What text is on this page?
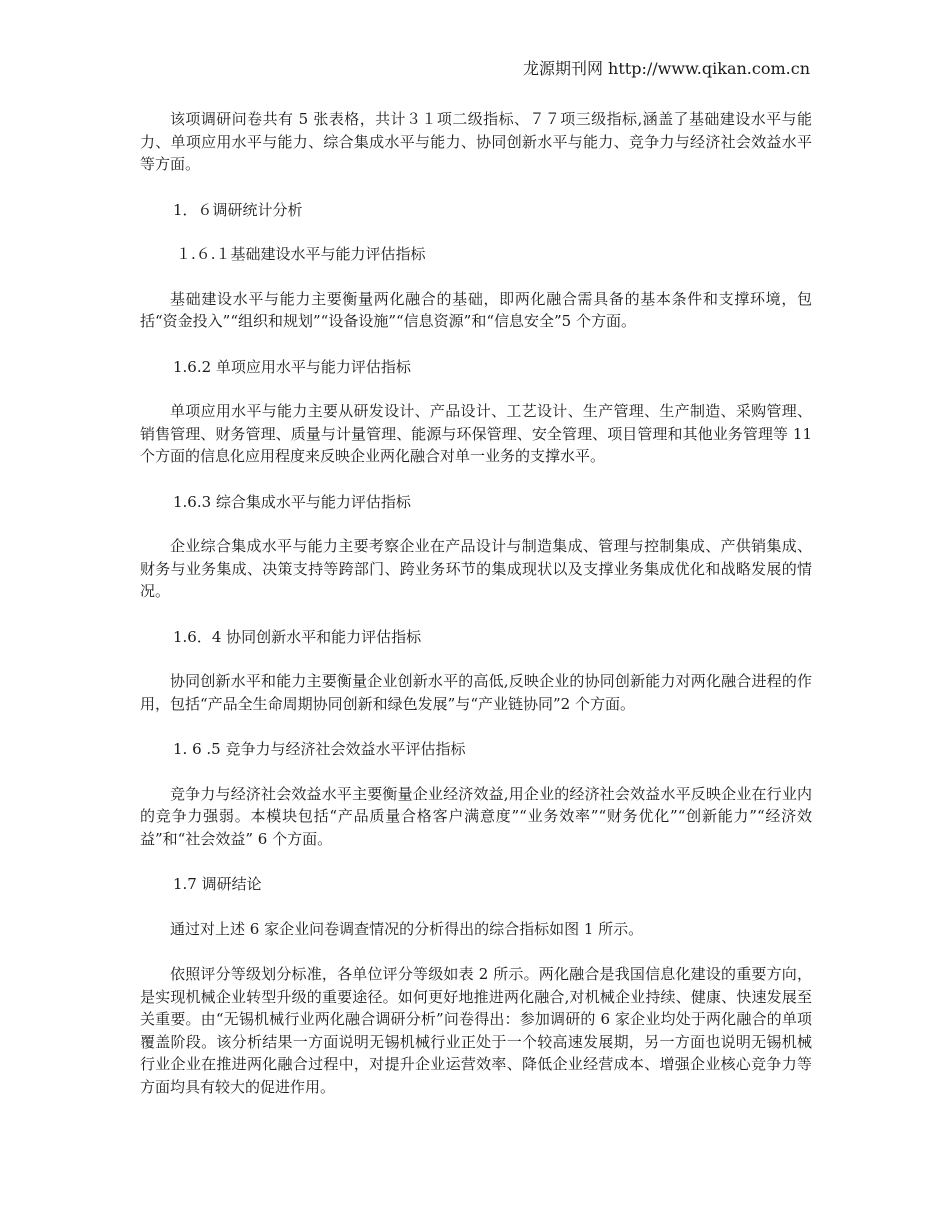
龙源期刊网 http://www.qikan.com.cn
该项调研问卷共有 5 张表格，共计３１项二级指标、７７项三级指标,涵盖了基础建设水平与能力、单项应用水平与能力、综合集成水平与能力、协同创新水平与能力、竞争力与经济社会效益水平等方面。
1．６调研统计分析
１.６.１基础建设水平与能力评估指标
基础建设水平与能力主要衡量两化融合的基础，即两化融合需具备的基本条件和支撑环境，包括“资金投入”“组织和规划”“设备设施”“信息资源”和“信息安全”5 个方面。
1.6.2 单项应用水平与能力评估指标
单项应用水平与能力主要从研发设计、产品设计、工艺设计、生产管理、生产制造、采购管理、销售管理、财务管理、质量与计量管理、能源与环保管理、安全管理、项目管理和其他业务管理等 11 个方面的信息化应用程度来反映企业两化融合对单一业务的支撑水平。
1.6.3 综合集成水平与能力评估指标
企业综合集成水平与能力主要考察企业在产品设计与制造集成、管理与控制集成、产供销集成、财务与业务集成、决策支持等跨部门、跨业务环节的集成现状以及支撑业务集成优化和战略发展的情况。
1.6．4 协同创新水平和能力评估指标
协同创新水平和能力主要衡量企业创新水平的高低,反映企业的协同创新能力对两化融合进程的作用，包括“产品全生命周期协同创新和绿色发展”与“产业链协同”2 个方面。
1. 6 .5 竞争力与经济社会效益水平评估指标
竞争力与经济社会效益水平主要衡量企业经济效益,用企业的经济社会效益水平反映企业在行业内的竞争力强弱。本模块包括“产品质量合格客户满意度”“业务效率”“财务优化”“创新能力”“经济效益”和“社会效益” 6 个方面。
1.7 调研结论
通过对上述 6 家企业问卷调查情况的分析得出的综合指标如图 1 所示。
依照评分等级划分标准，各单位评分等级如表 2 所示。两化融合是我国信息化建设的重要方向，是实现机械企业转型升级的重要途径。如何更好地推进两化融合,对机械企业持续、健康、快速发展至关重要。由“无锡机械行业两化融合调研分析”问卷得出：参加调研的 6 家企业均处于两化融合的单项覆盖阶段。该分析结果一方面说明无锡机械行业正处于一个较高速发展期，另一方面也说明无锡机械行业企业在推进两化融合过程中，对提升企业运营效率、降低企业经营成本、增强企业核心竞争力等方面均具有较大的促进作用。
